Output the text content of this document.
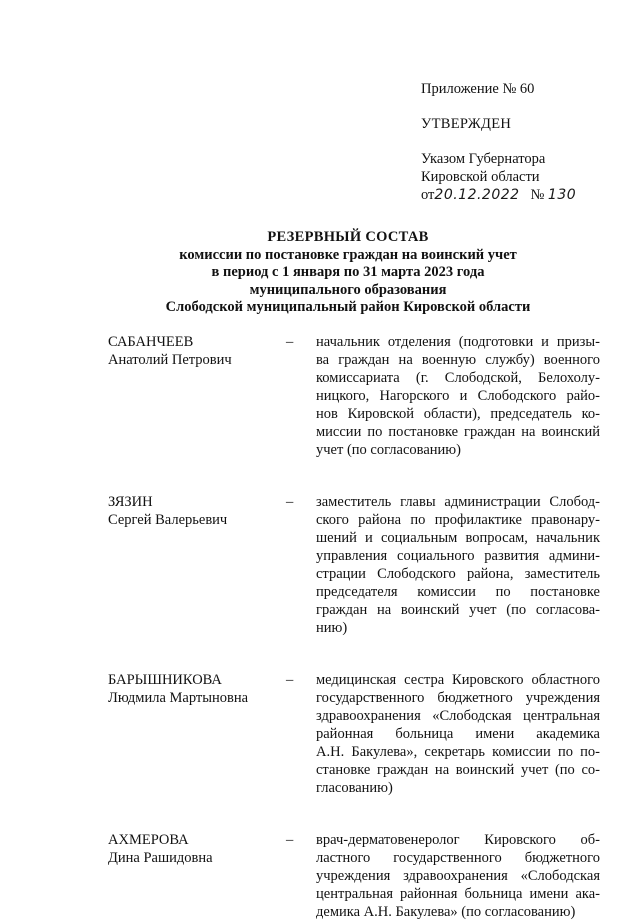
Приложение № 60
УТВЕРЖДЕН
Указом Губернатора
Кировской области
от20.12.2022 № 130
РЕЗЕРВНЫЙ СОСТАВ
комиссии по постановке граждан на воинский учет
в период с 1 января по 31 марта 2023 года
муниципального образования
Слободской муниципальный район Кировской области
САБАНЧЕЕВ
Анатолий Петрович
–	начальник отделения (подготовки и призы-
ва граждан на военную службу) военного
комиссариата (г. Слободской, Белохолу-
ницкого, Нагорского и Слободского райо-
нов Кировской области), председатель ко-
миссии по постановке граждан на воинский
учет (по согласованию)
ЗЯЗИН
Сергей Валерьевич
–	заместитель главы администрации Слобод-
ского района по профилактике правонару-
шений и социальным вопросам, начальник
управления социального развития админи-
страции Слободского района, заместитель
председателя комиссии по постановке
граждан на воинский учет (по согласова-
нию)
БАРЫШНИКОВА
Людмила Мартыновна
–	медицинская сестра Кировского областного
государственного бюджетного учреждения
здравоохранения «Слободская центральная
районная больница имени академика
А.Н. Бакулева», секретарь комиссии по по-
становке граждан на воинский учет (по со-
гласованию)
АХМЕРОВА
Дина Рашидовна
–	врач-дерматовенеролог Кировского об-
ластного государственного бюджетного
учреждения здравоохранения «Слободская
центральная районная больница имени ака-
демика А.Н. Бакулева» (по согласованию)
